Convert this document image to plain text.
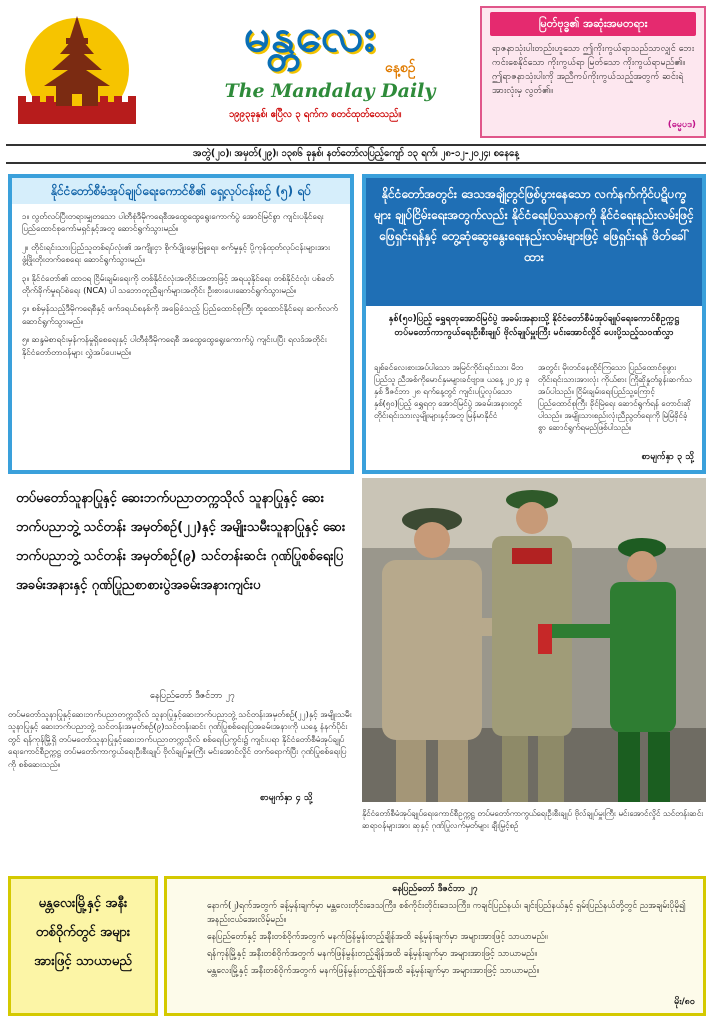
မန္တလေး
နေ့စဉ်
The Mandalay Daily
၁၉၉၃ခုနှစ်၊ ဧပြီလ ၃ ရက်က စတင်ထုတ်ဝေသည်။
မြတ်ဗုဒ္ဓ၏ အဆုံးအမတရား
ရာဇနာသုံးပါးတည်းဟူသော ဤကိုးကွယ်ရာသည်သာလျှင် ဘေးကင်းစေနိုင်သော ကိုးကွယ်ရာ မြတ်သော ကိုးကွယ်ရာမည်၏။ ဤရာဇနာသုံးပါးကို အညီကပ်ကိုးကွယ်သည့်အတွက် ဆင်းရဲအားလုံးမှ လွတ်၏။
(ဓမ္မပဒ)
အတွဲ(၂၀)၊ အမှတ်(၂၉)၊ ၁၃၈၆ ခုနှစ်၊ နတ်တော်လပြည့်ကျော် ၁၃ ရက်၊ ၂၈-၁၂-၂၀၂၄၊ စနေနေ့
နိုင်ငံတော်စီမံအုပ်ချုပ်ရေးကောင်စီ၏ ရှေ့လုပ်ငန်းစဉ် (၅) ရပ်
၁။ လွတ်လပ်ပြီးတရားမျှတသော ပါတီစုံဒီမိုကရေစီအထွေထွေရွေးကောက်ပွဲ အောင်မြင်စွာ ကျင်းပနိုင်ရေး ပြည်ထောင်စုကော်မရှင်နှင့်အတူ ဆောင်ရွက်သွားမည်။
၂။ တိုင်းရင်းသားပြည်သူတစ်ရပ်လုံး၏ အကျိုးငှာ စိုက်ပျိုးမွေးမြူရေး၊ စက်မှုနှင့် ပို့ကုန်ထုတ်လုပ်ငန်းများအား ဖွံ့ဖြိုးတိုးတက်စေရေး ဆောင်ရွက်သွားမည်။
၃။ နိုင်ငံတော်၏ ထာဝရ ငြိမ်းချမ်းရေးကို တစ်နိုင်ငံလုံးအတိုင်းအတာဖြင့် အရယူနိုင်ရေး တစ်နိုင်ငံလုံး ပစ်ခတ်တိုက်ခိုက်မှုရပ်စဲရေး (NCA) ပါ သဘောတူညီချက်များအတိုင်း ဦးစားပေးဆောင်ရွက်သွားမည်။
၄။ စစ်မှန်သည့်ဒီမိုကရေစီနှင့် ဖက်ဒရယ်စနစ်ကို အခြေခံသည့် ပြည်ထောင်စုကြီး ထူထောင်နိုင်ရေး ဆက်လက်ဆောင်ရွက်သွားမည်။
၅။ ဆန္ဒမဲစာရင်းမှန်ကန်မှုရှိစေရေးနှင့် ပါတီစုံဒီမိုကရေစီ အထွေထွေရွေးကောက်ပွဲ ကျင်းပပြီး ရလဒ်အတိုင်း နိုင်ငံတော်တာဝန်များ လွှဲအပ်ပေးမည်။
နိုင်ငံတော်အတွင်း ဒေသအချို့တွင်ဖြစ်ပွားနေသော လက်နက်ကိုင်ပဋိပက္ခများ ချုပ်ငြိမ်းရေးအတွက်လည်း နိုင်ငံရေးပြဿနာကို နိုင်ငံရေးနည်းလမ်းဖြင့် ဖြေရှင်းရန်နှင့် တွေ့ဆုံဆွေးနွေးရေးနည်းလမ်းများဖြင့် ဖြေရှင်းရန် ဖိတ်ခေါ်ထား
နှစ်(၅၀)ပြည့် ရွှေရတုအောင်မြင်ပွဲ အခမ်းအနားသို့ နိုင်ငံတော်စီမံအုပ်ချုပ်ရေးကောင်စီဥက္ကဋ္ဌ တပ်မတော်ကာကွယ်ရေးဦးစီးချုပ် ဗိုလ်ချုပ်မှူးကြီး မင်းအောင်လှိုင် ပေးပို့သည့်သဝဏ်လွှာ
ချစ်ခင်လေးစားအပ်ပါသော အမြင်ကိုင်းရင်းသား မိဘပြည်သူ ညီအစ်ကိုမောင်နှမများခင်ဗျား။ ယနေ့ ၂၀၂၄ ခုနှစ် ဒီဇင်ဘာ ၂၈ ရက်နေ့တွင် ကျင်းပပြုလုပ်သော နှစ်(၅၀)ပြည့် ရွှေရတု အောင်မြင်ပွဲ အခမ်းအနားတွင် တိုင်းရင်းသားလူမျိုးများနှင့်အတူ မြန်မာနိုင်ငံ
အတွင်း မိုးတင်နေထိုင်ကြသော ပြည်ထောင်စုဖွား တိုင်းရင်းသားအားလုံး ကိုယ်စား ကြိုဆိုနှုတ်ခွန်းဆက်သအပ်ပါသည်။ ငြိမ်းချမ်းရေးပြည်သူ့ကြောင့် ပြည်ထောင်စုကြီး ခိုင်မြဲရေး ဆောင်ရွက်ရန် တောင်းဆိုပါသည်။ အမျိုးသားစည်းလုံးညီညွတ်ရေးကို မြဲမြံခိုင်ခံ့စွာ ဆောင်ရွက်ရမည်ဖြစ်ပါသည်။
စာမျက်နှာ ၃ သို့
တပ်မတော်သူနာပြုနှင့် ဆေးဘက်ပညာတက္ကသိုလ် သူနာပြုနှင့် ဆေးဘက်ပညာဘွဲ့ သင်တန်း အမှတ်စဉ်(၂၂)နှင့် အမျိုးသမီးသူနာပြုနှင့် ဆေးဘက်ပညာဘွဲ့ သင်တန်း အမှတ်စဉ်(၉) သင်တန်းဆင်း ဂုဏ်ပြုစစ်ရေးပြအခမ်းအနားနှင့် ဂုဏ်ပြုညစာစားပွဲအခမ်းအနားကျင်းပ
နေပြည်တော် ဒီဇင်ဘာ ၂၇
တပ်မတော်သူနာပြုနှင့်ဆေးဘက်ပညာတက္ကသိုလ် သူနာပြုနှင့်ဆေးဘက်ပညာဘွဲ့ သင်တန်းအမှတ်စဉ်(၂၂)နှင့် အမျိုးသမီးသူနာပြုနှင့် ဆေးဘက်ပညာဘွဲ့ သင်တန်းအမှတ်စဉ်(၉)သင်တန်းဆင်း ဂုဏ်ပြုစစ်ရေးပြအခမ်းအနားကို ယနေ့ နံနက်ပိုင်းတွင် ရန်ကုန်မြို့ရှိ တပ်မတော်သူနာပြုနှင့်ဆေးဘက်ပညာတက္ကသိုလ် စစ်ရေးပြကွင်း၌ ကျင်းပရာ နိုင်ငံတော်စီမံအုပ်ချုပ်ရေးကောင်စီဥက္ကဋ္ဌ တပ်မတော်ကာကွယ်ရေးဦးစီးချုပ် ဗိုလ်ချုပ်မှူးကြီး မင်းအောင်လှိုင် တက်ရောက်ပြီး ဂုဏ်ပြုစစ်ရေးပြကို စစ်ဆေးသည်။
စာမျက်နှာ ၄ သို့
နိုင်ငံတော်စီမံအုပ်ချုပ်ရေးကောင်စီဥက္ကဋ္ဌ တပ်မတော်ကာကွယ်ရေးဦးစီးချုပ် ဗိုလ်ချုပ်မှူးကြီး မင်းအောင်လှိုင် သင်တန်းဆင်း ဆရာဝန်များအား ဆုနှင့် ဂုဏ်ပြုလက်မှတ်များ ချီးမြှင့်စဉ်
မန္တလေးမြို့နှင့် အနီးတစ်ဝိုက်တွင် အများအားဖြင့် သာယာမည်
နေပြည်တော် ဒီဇင်ဘာ ၂၇
နောက်(၂)ရက်အတွက် ခန့်မှန်းချက်မှာ မန္တလေးတိုင်းဒေသကြီး၊ စစ်ကိုင်းတိုင်းဒေသကြီး၊ ကချင်ပြည်နယ်၊ ချင်းပြည်နယ်နှင့် ရှမ်းပြည်နယ်တို့တွင် ညအချမ်းပိုမို၍ အနည်းငယ်အေးလိမ့်မည်။
နေပြည်တော်နှင့် အနီးတစ်ဝိုက်အတွက် မနက်ဖြန်မွန်းတည့်ချိန်အထိ ခန့်မှန်းချက်မှာ အများအားဖြင့် သာယာမည်။
ရန်ကုန်မြို့နှင့် အနီးတစ်ဝိုက်အတွက် မနက်ဖြန်မွန်းတည့်ချိန်အထိ ခန့်မှန်းချက်မှာ အများအားဖြင့် သာယာမည်။
မန္တလေးမြို့နှင့် အနီးတစ်ဝိုက်အတွက် မနက်ဖြန်မွန်းတည့်ချိန်အထိ ခန့်မှန်းချက်မှာ အများအားဖြင့် သာယာမည်။
မိုး/၈၀
